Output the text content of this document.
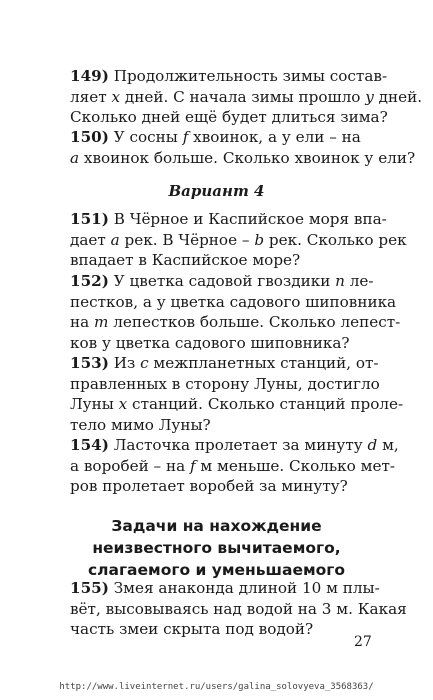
149) Продолжительность зимы состав-
ляет x дней. С начала зимы прошло y дней.
Сколько дней ещё будет длиться зима?
150) У сосны f хвоинок, а у ели – на
a хвоинок больше. Сколько хвоинок у ели?
Вариант 4
151) В Чёрное и Каспийское моря впа-
дает a рек. В Чёрное – b рек. Сколько рек
впадает в Каспийское море?
152) У цветка садовой гвоздики n ле-
пестков, а у цветка садового шиповника
на m лепестков больше. Сколько лепест-
ков у цветка садового шиповника?
153) Из c межпланетных станций, от-
правленных в сторону Луны, достигло
Луны x станций. Сколько станций проле-
тело мимо Луны?
154) Ласточка пролетает за минуту d м,
а воробей – на f м меньше. Сколько мет-
ров пролетает воробей за минуту?
Задачи на нахождение
неизвестного вычитаемого,
слагаемого и уменьшаемого
155) Змея анаконда длиной 10 м плы-
вёт, высовываясь над водой на 3 м. Какая
часть змеи скрыта под водой?
27
http://www.liveinternet.ru/users/galina_solovyeva_3568363/
